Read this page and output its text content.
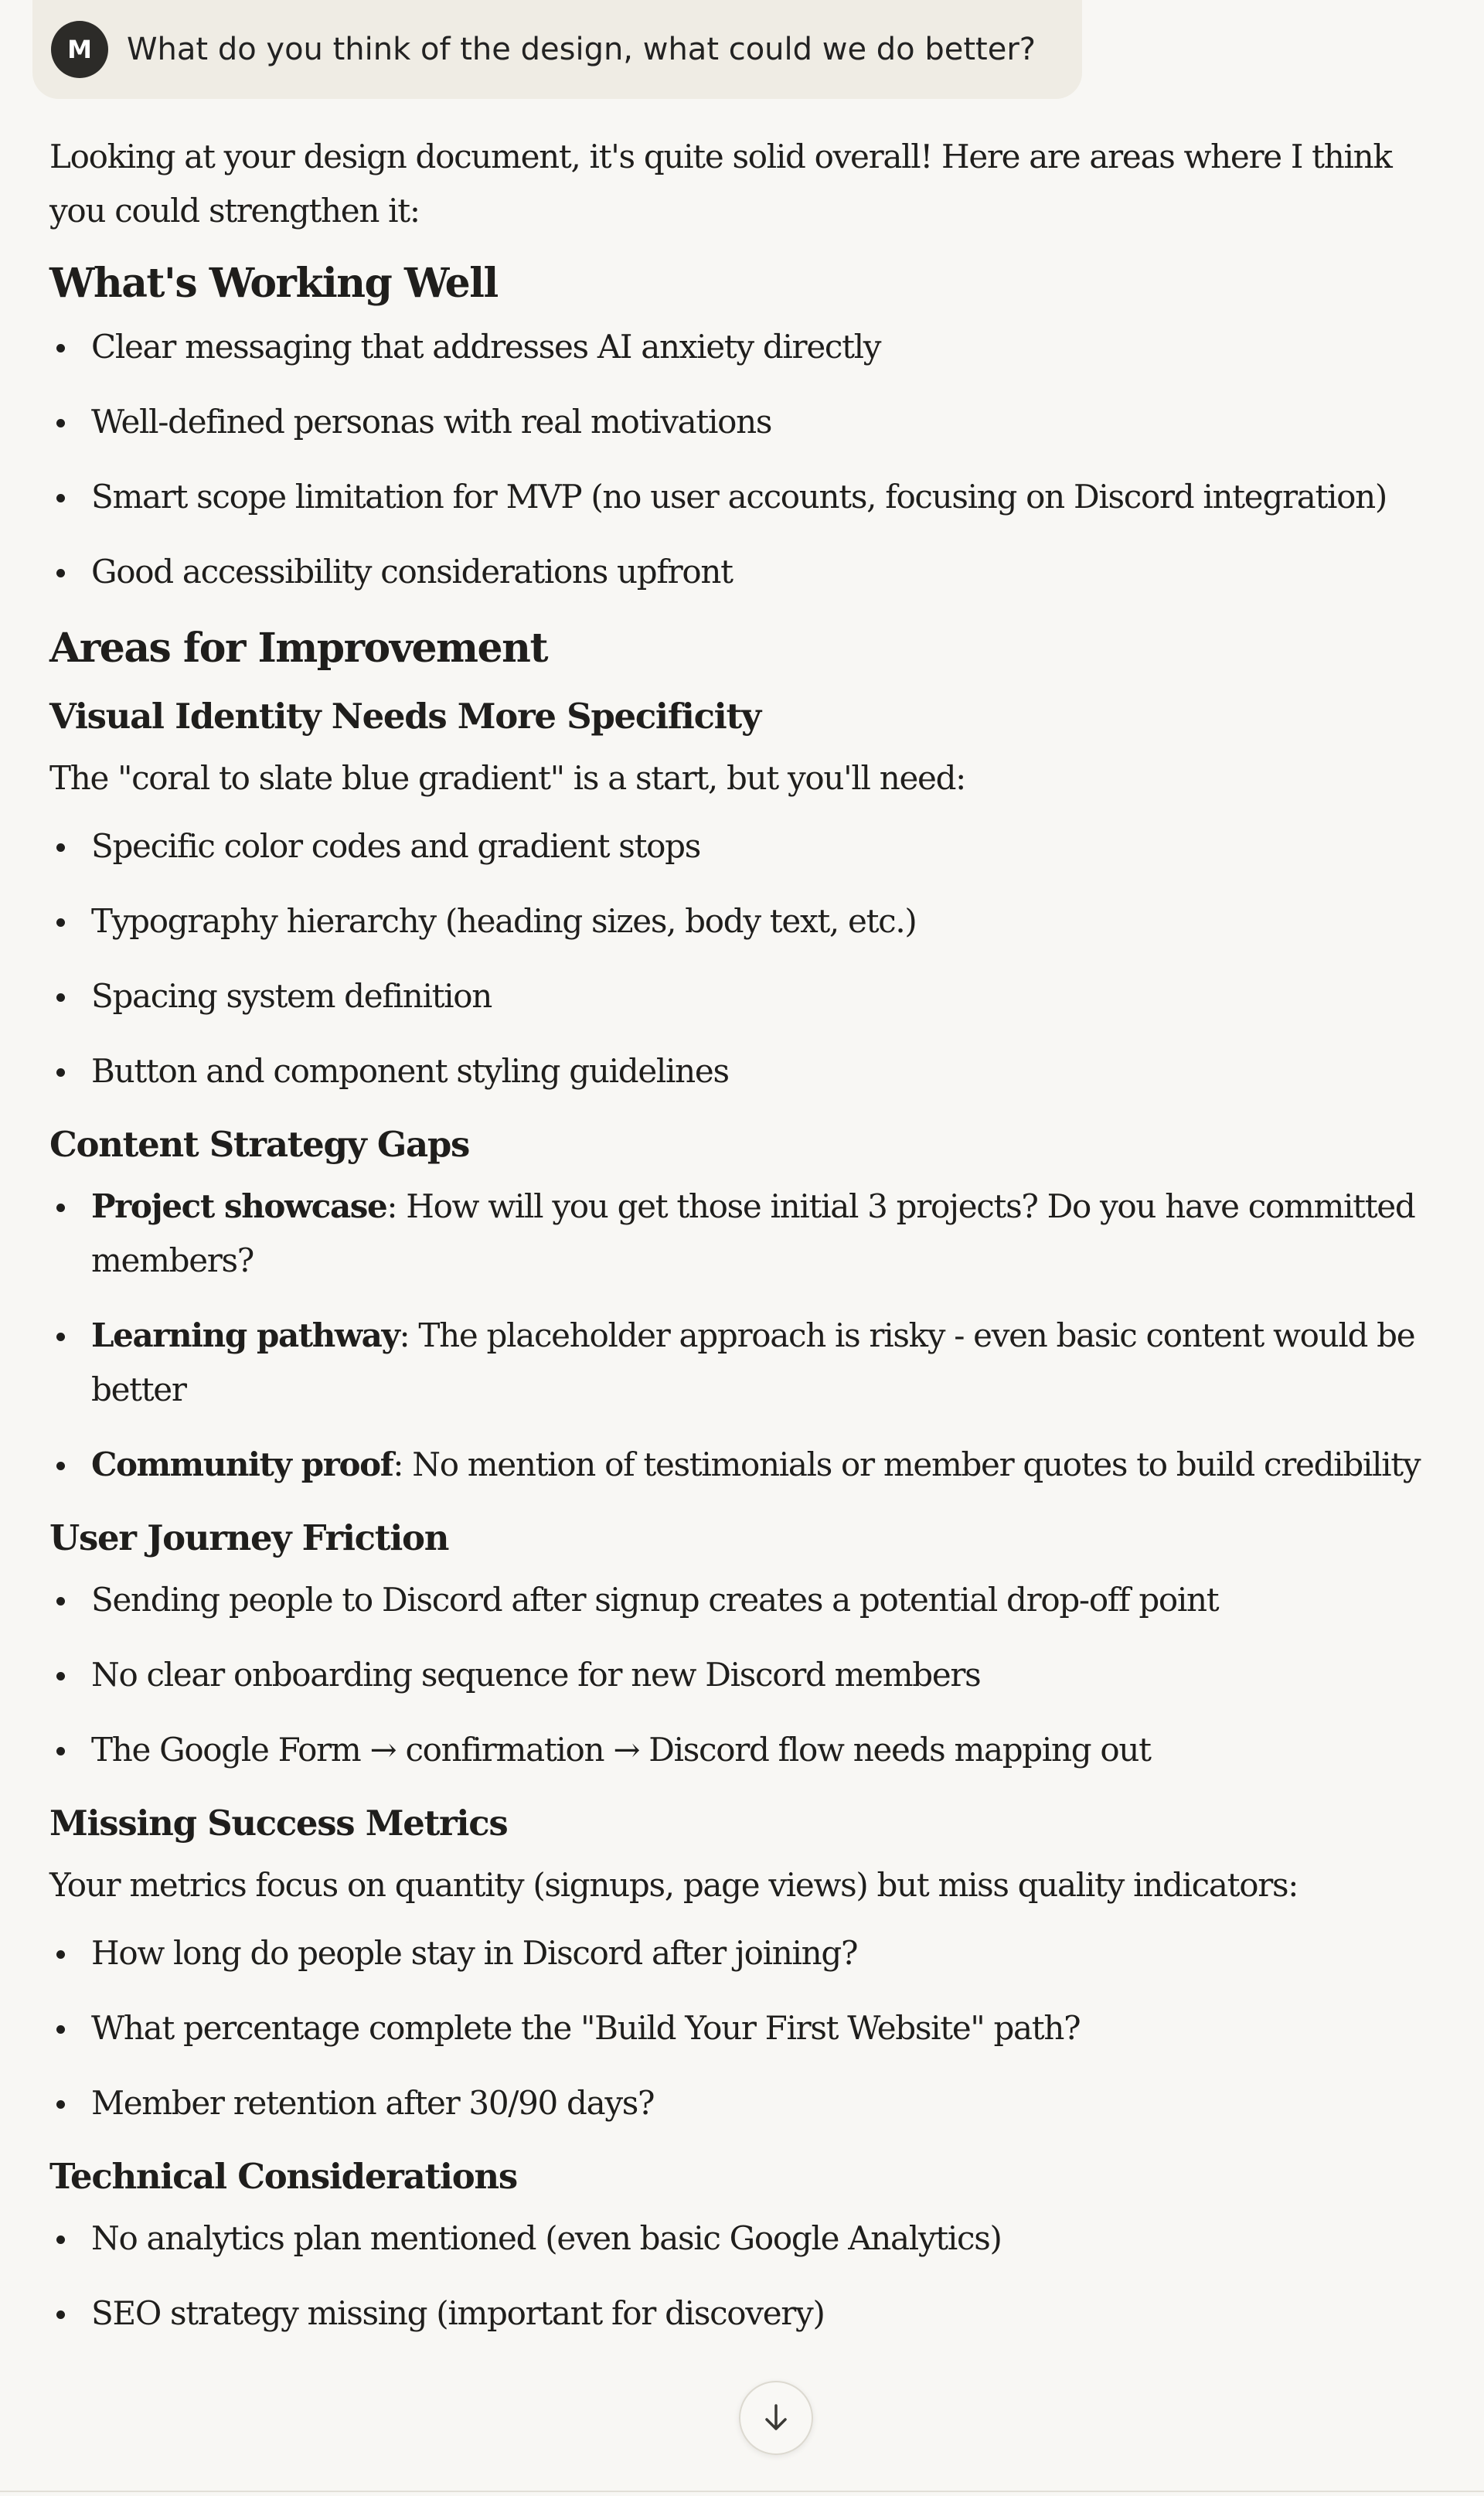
M	What do you think of the design, what could we do better?

Looking at your design document, it's quite solid overall! Here are areas where I think you could strengthen it:

What's Working Well
Clear messaging that addresses AI anxiety directly
Well-defined personas with real motivations
Smart scope limitation for MVP (no user accounts, focusing on Discord integration)
Good accessibility considerations upfront
Areas for Improvement
Visual Identity Needs More Specificity

The "coral to slate blue gradient" is a start, but you'll need:

Specific color codes and gradient stops
Typography hierarchy (heading sizes, body text, etc.)
Spacing system definition
Button and component styling guidelines
Content Strategy Gaps
Project showcase: How will you get those initial 3 projects? Do you have committed members?
Learning pathway: The placeholder approach is risky - even basic content would be better
Community proof: No mention of testimonials or member quotes to build credibility
User Journey Friction
Sending people to Discord after signup creates a potential drop-off point
No clear onboarding sequence for new Discord members
The Google Form → confirmation → Discord flow needs mapping out
Missing Success Metrics

Your metrics focus on quantity (signups, page views) but miss quality indicators:

How long do people stay in Discord after joining?
What percentage complete the "Build Your First Website" path?
Member retention after 30/90 days?
Technical Considerations
No analytics plan mentioned (even basic Google Analytics)
SEO strategy missing (important for discovery)
